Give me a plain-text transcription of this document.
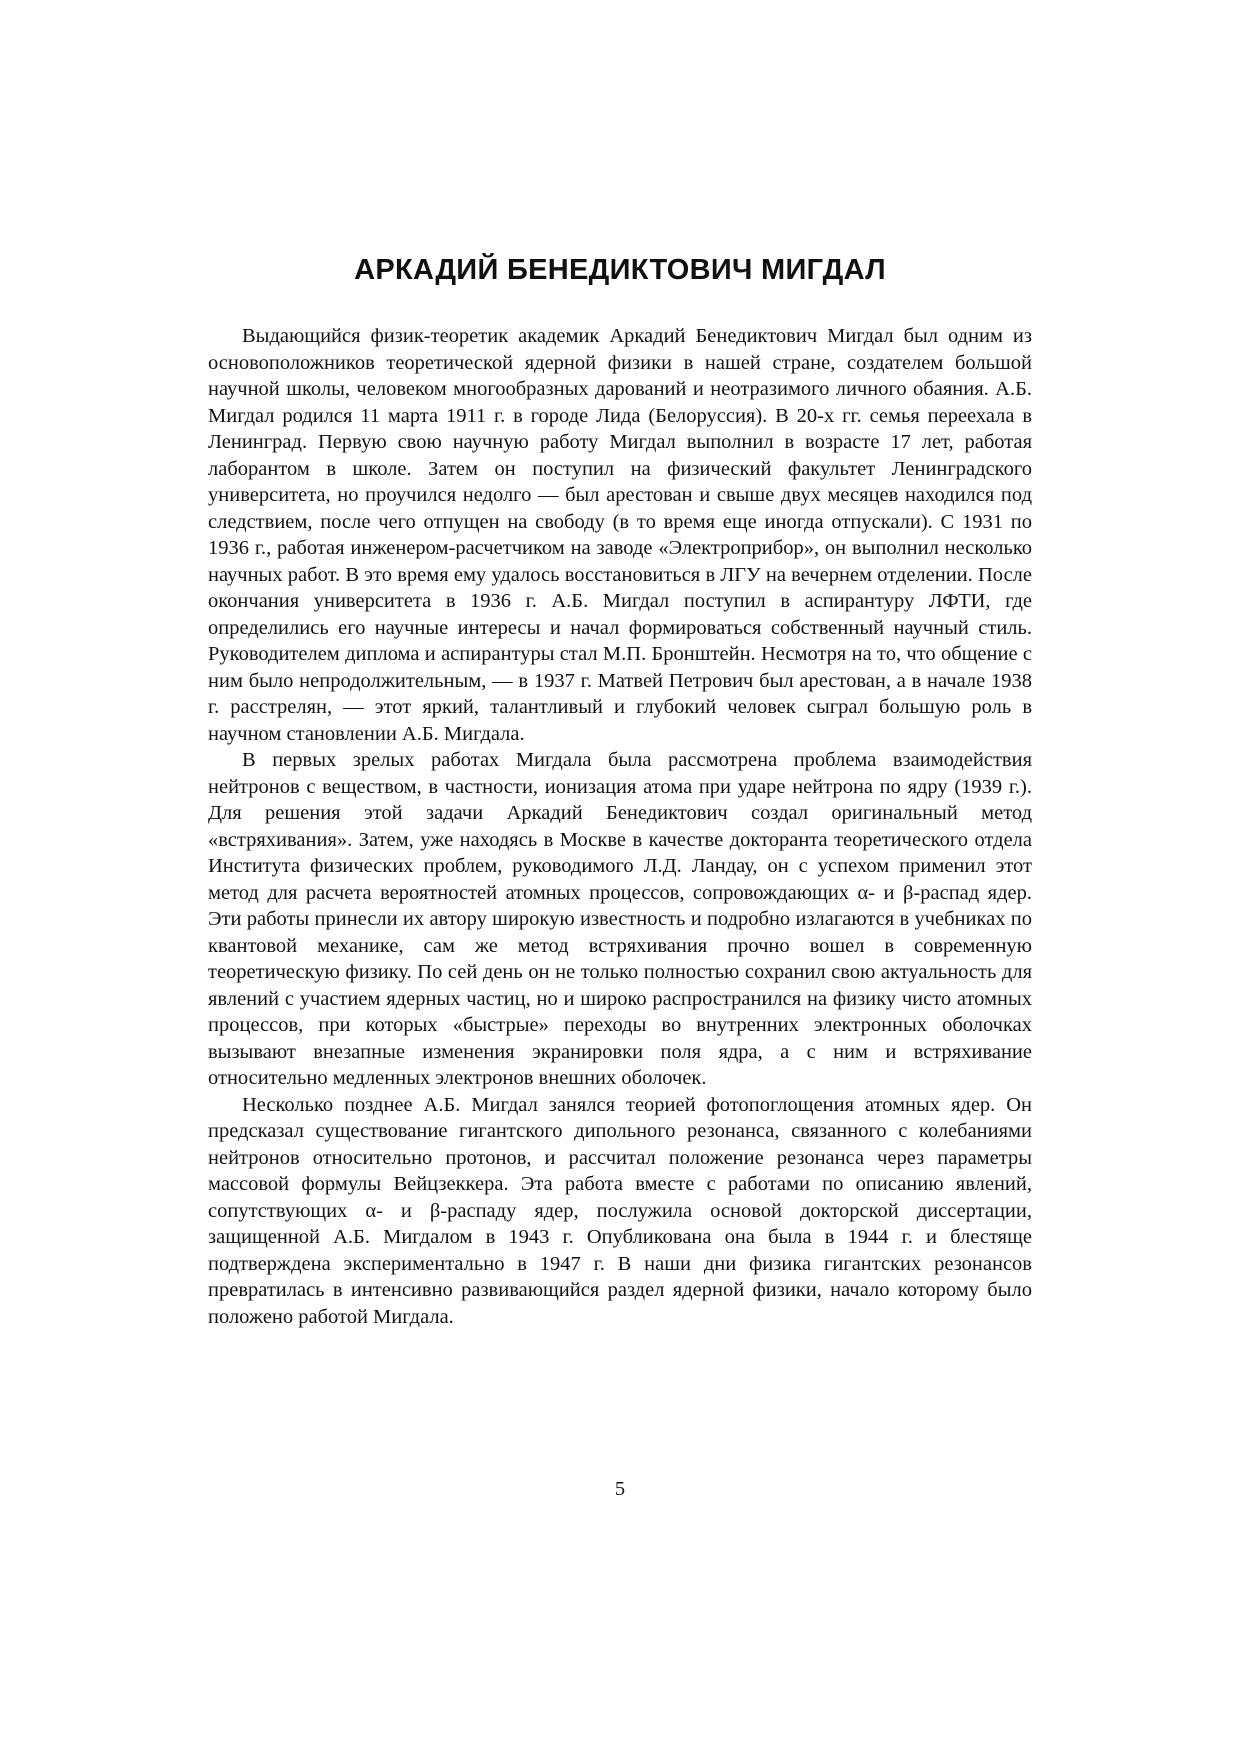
АРКАДИЙ БЕНЕДИКТОВИЧ МИГДАЛ

Выдающийся физик-теоретик академик Аркадий Бенедиктович Мигдал был одним из основоположников теоретической ядерной физики в нашей стране, создателем большой научной школы, человеком многообразных дарований и неотразимого личного обаяния. А.Б. Мигдал родился 11 марта 1911 г. в городе Лида (Белоруссия). В 20-х гг. семья переехала в Ленинград. Первую свою научную работу Мигдал выполнил в возрасте 17 лет, работая лаборантом в школе. Затем он поступил на физический факультет Ленинградского университета, но проучился недолго — был арестован и свыше двух месяцев находился под следствием, после чего отпущен на свободу (в то время еще иногда отпускали). С 1931 по 1936 г., работая инженером-расчетчиком на заводе «Электроприбор», он выполнил несколько научных работ. В это время ему удалось восстановиться в ЛГУ на вечернем отделении. После окончания университета в 1936 г. А.Б. Мигдал поступил в аспирантуру ЛФТИ, где определились его научные интересы и начал формироваться собственный научный стиль. Руководителем диплома и аспирантуры стал М.П. Бронштейн. Несмотря на то, что общение с ним было непродолжительным, — в 1937 г. Матвей Петрович был арестован, а в начале 1938 г. расстрелян, — этот яркий, талантливый и глубокий человек сыграл большую роль в научном становлении А.Б. Мигдала.

В первых зрелых работах Мигдала была рассмотрена проблема взаимодействия нейтронов с веществом, в частности, ионизация атома при ударе нейтрона по ядру (1939 г.). Для решения этой задачи Аркадий Бенедиктович создал оригинальный метод «встряхивания». Затем, уже находясь в Москве в качестве докторанта теоретического отдела Института физических проблем, руководимого Л.Д. Ландау, он с успехом применил этот метод для расчета вероятностей атомных процессов, сопровождающих α- и β-распад ядер. Эти работы принесли их автору широкую известность и подробно излагаются в учебниках по квантовой механике, сам же метод встряхивания прочно вошел в современную теоретическую физику. По сей день он не только полностью сохранил свою актуальность для явлений с участием ядерных частиц, но и широко распространился на физику чисто атомных процессов, при которых «быстрые» переходы во внутренних электронных оболочках вызывают внезапные изменения экранировки поля ядра, а с ним и встряхивание относительно медленных электронов внешних оболочек.

Несколько позднее А.Б. Мигдал занялся теорией фотопоглощения атомных ядер. Он предсказал существование гигантского дипольного резонанса, связанного с колебаниями нейтронов относительно протонов, и рассчитал положение резонанса через параметры массовой формулы Вейцзеккера. Эта работа вместе с работами по описанию явлений, сопутствующих α- и β-распаду ядер, послужила основой докторской диссертации, защищенной А.Б. Мигдалом в 1943 г. Опубликована она была в 1944 г. и блестяще подтверждена экспериментально в 1947 г. В наши дни физика гигантских резонансов превратилась в интенсивно развивающийся раздел ядерной физики, начало которому было положено работой Мигдала.

5
